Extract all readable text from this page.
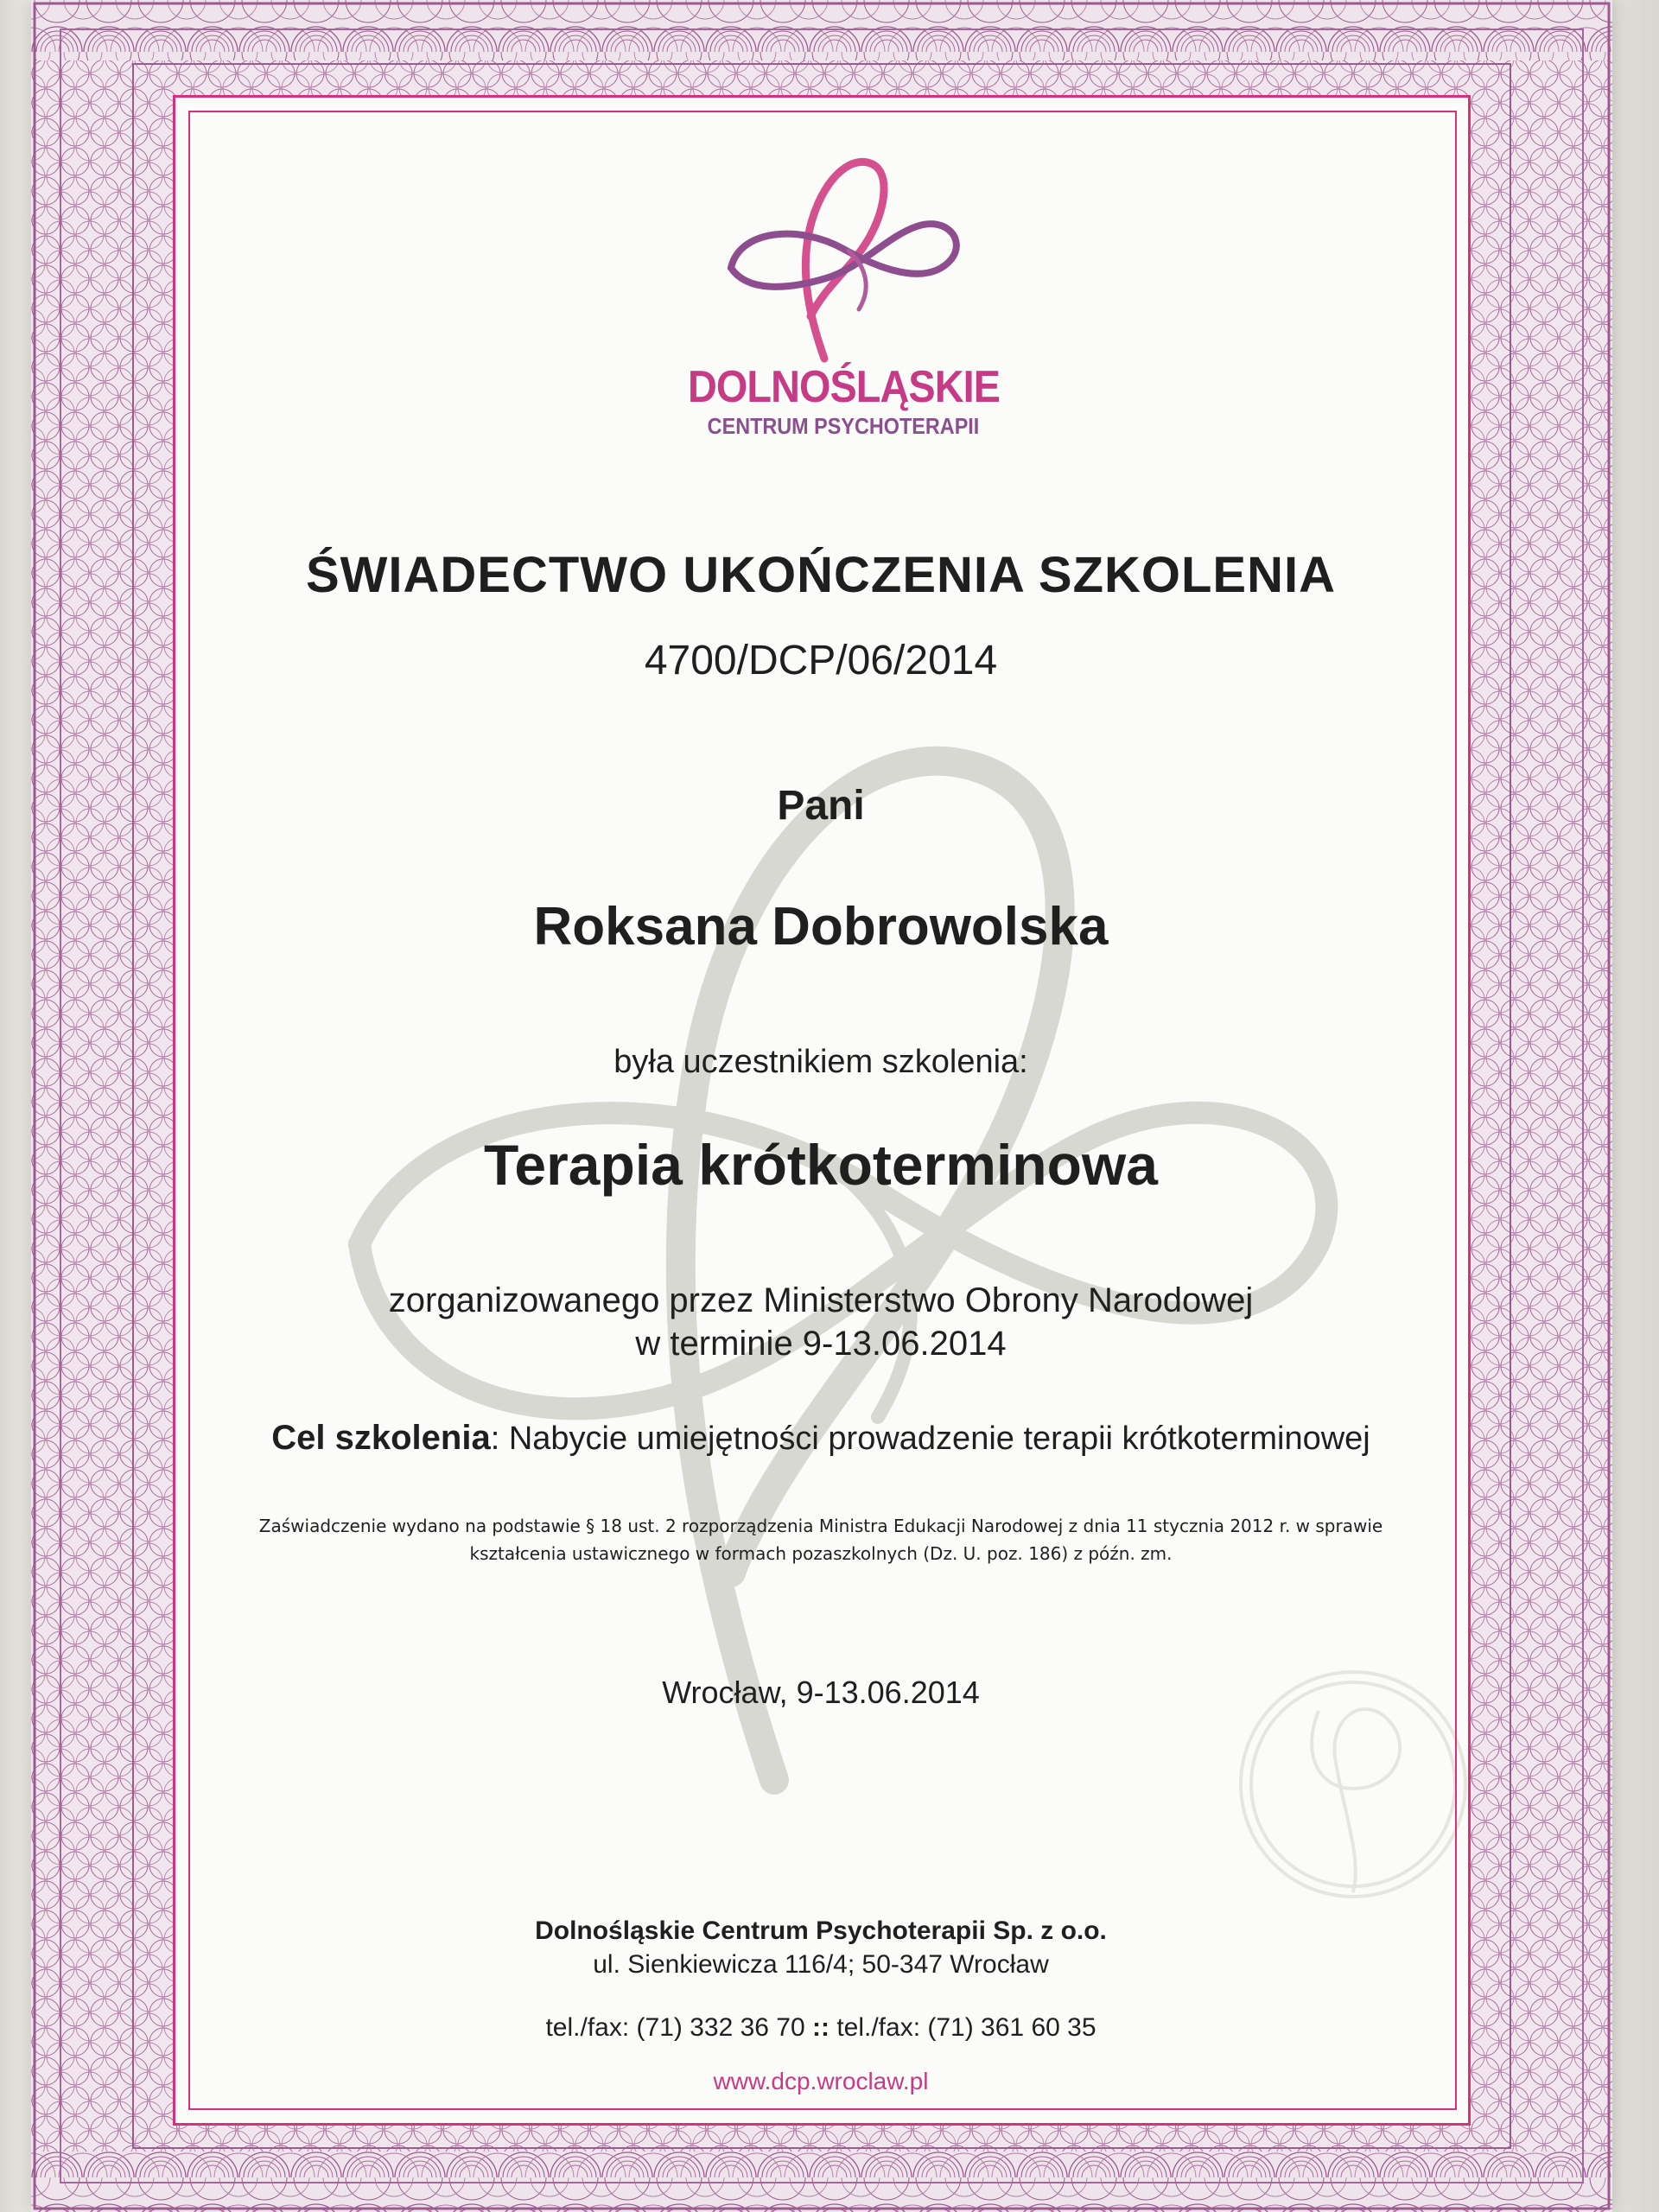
DOLNOŚLĄSKIE
CENTRUM PSYCHOTERAPII
ŚWIADECTWO UKOŃCZENIA SZKOLENIA
4700/DCP/06/2014
Pani
Roksana Dobrowolska
była uczestnikiem szkolenia:
Terapia krótkoterminowa
zorganizowanego przez Ministerstwo Obrony Narodowej
w terminie 9-13.06.2014
Cel szkolenia: Nabycie umiejętności prowadzenie terapii krótkoterminowej
Zaświadczenie wydano na podstawie § 18 ust. 2 rozporządzenia Ministra Edukacji Narodowej z dnia 11 stycznia 2012 r. w sprawie
kształcenia ustawicznego w formach pozaszkolnych (Dz. U. poz. 186) z późn. zm.
Wrocław, 9-13.06.2014
Dolnośląskie Centrum Psychoterapii Sp. z o.o.
ul. Sienkiewicza 116/4; 50-347 Wrocław
tel./fax: (71) 332 36 70 :: tel./fax: (71) 361 60 35
www.dcp.wroclaw.pl
